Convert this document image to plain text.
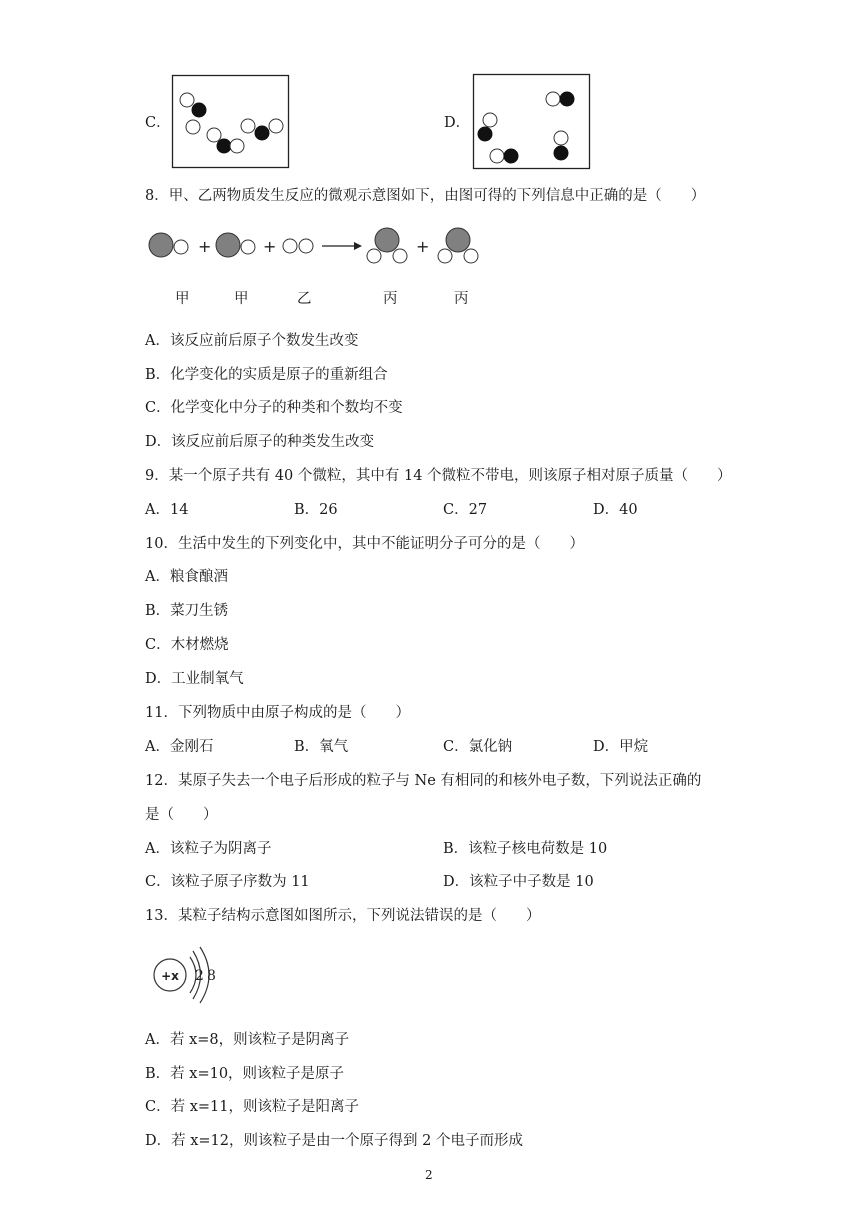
C．	D．
8．甲、乙两物质发生反应的微观示意图如下，由图可得的下列信息中正确的是（　　）
+	+	+
甲	甲	乙	丙	丙
A．该反应前后原子个数发生改变
B．化学变化的实质是原子的重新组合
C．化学变化中分子的种类和个数均不变
D．该反应前后原子的种类发生改变
9．某一个原子共有 40 个微粒，其中有 14 个微粒不带电，则该原子相对原子质量（　　）
A．14	B．26	C．27	D．40
10．生活中发生的下列变化中，其中不能证明分子可分的是（　　）
A．粮食酿酒
B．菜刀生锈
C．木材燃烧
D．工业制氧气
11．下列物质中由原子构成的是（　　）
A．金刚石	B．氧气	C．氯化钠	D．甲烷
12．某原子失去一个电子后形成的粒子与 Ne 有相同的和核外电子数，下列说法正确的
是（　　）
A．该粒子为阴离子	B．该粒子核电荷数是 10
C．该粒子原子序数为 11	D．该粒子中子数是 10
13．某粒子结构示意图如图所示，下列说法错误的是（　　）
+x 2 8
A．若 x=8，则该粒子是阴离子
B．若 x=10，则该粒子是原子
C．若 x=11，则该粒子是阳离子
D．若 x=12，则该粒子是由一个原子得到 2 个电子而形成
2
